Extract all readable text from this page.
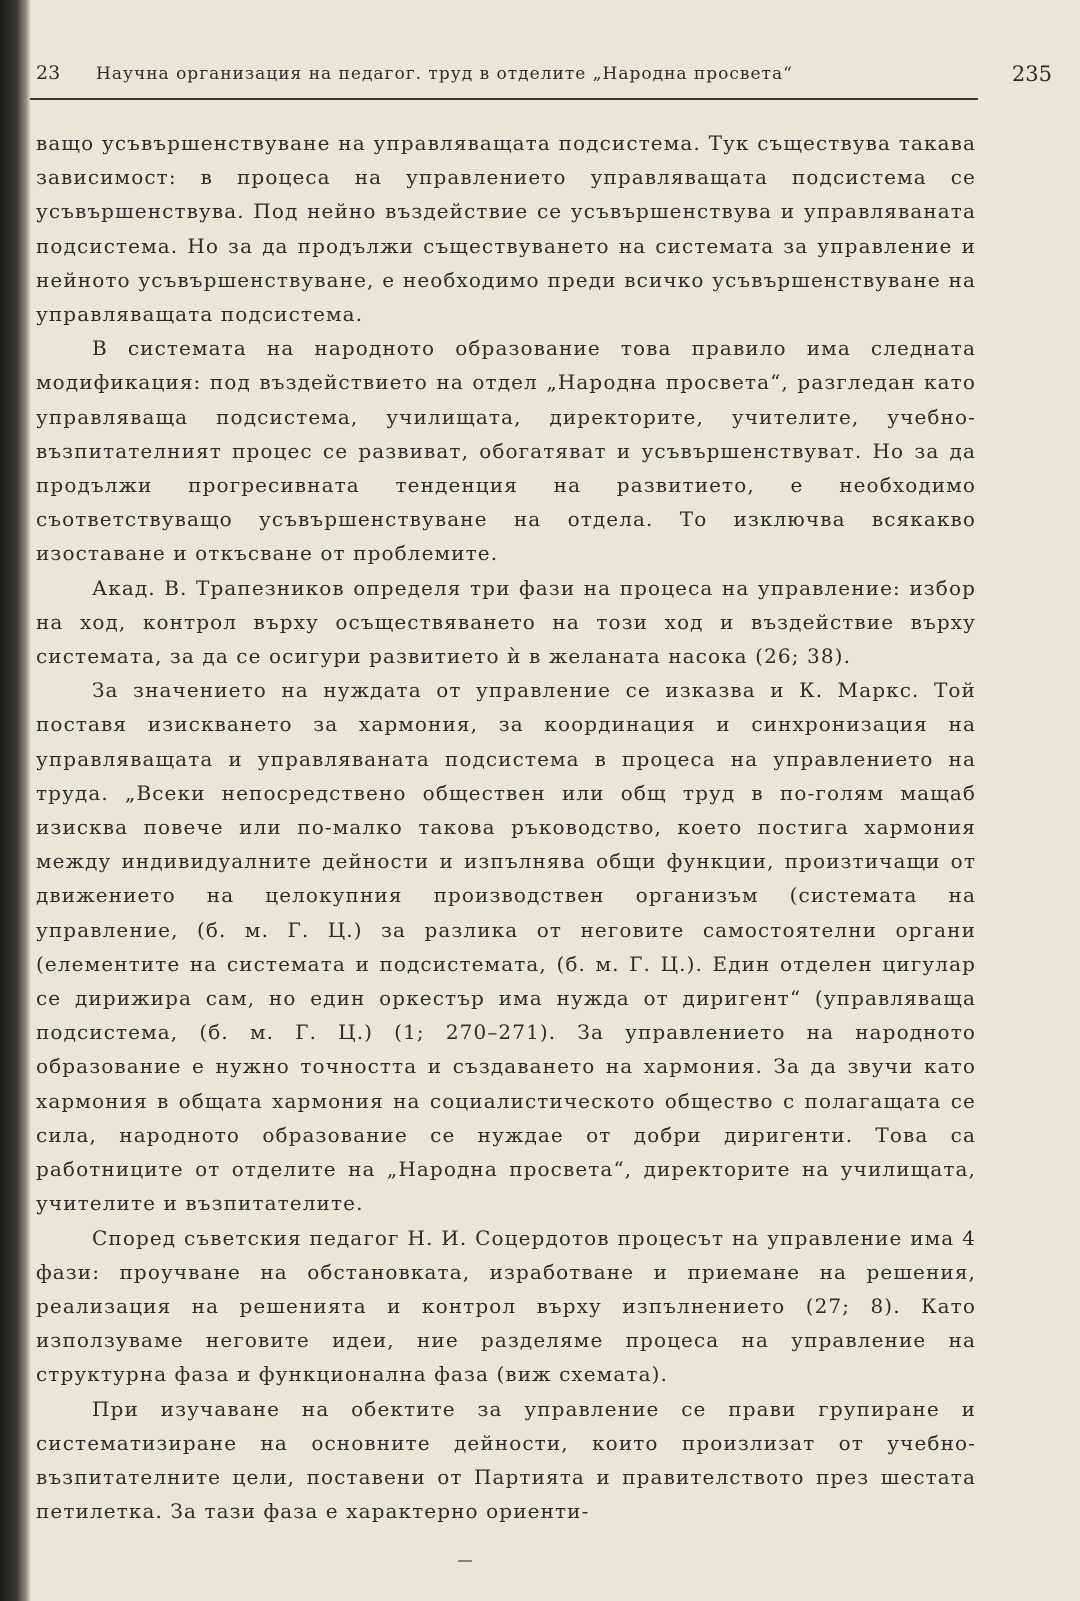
23	Научна организация на педагог. труд в отделите „Народна просвета“	235

ващо усъвършенствуване на управляващата подсистема. Тук съществува такава зависимост: в процеса на управлението управляващата подсистема се усъвършенствува. Под нейно въздействие се усъвършенствува и управляваната подсистема. Но за да продължи съществуването на системата за управление и нейното усъвършенствуване, е необходимо преди всичко усъвършенствуване на управляващата подсистема.

В системата на народното образование това правило има следната модификация: под въздействието на отдел „Народна просвета“, разгледан като управляваща подсистема, училищата, директорите, учителите, учебно-възпитателният процес се развиват, обогатяват и усъвършенствуват. Но за да продължи прогресивната тенденция на развитието, е необходимо съответствуващо усъвършенствуване на отдела. То изключва всякакво изоставане и откъсване от проблемите.

Акад. В. Трапезников определя три фази на процеса на управление: избор на ход, контрол върху осъществяването на този ход и въздействие върху системата, за да се осигури развитието ѝ в желаната насока (26; 38).

За значението на нуждата от управление се изказва и К. Маркс. Той поставя изискването за хармония, за координация и синхронизация на управляващата и управляваната подсистема в процеса на управлението на труда. „Всеки непосредствено обществен или общ труд в по-голям мащаб изисква повече или по-малко такова ръководство, което постига хармония между индивидуалните дейности и изпълнява общи функции, произтичащи от движението на целокупния производствен организъм (системата на управление, (б. м. Г. Ц.) за разлика от неговите самостоятелни органи (елементите на системата и подсистемата, (б. м. Г. Ц.). Един отделен цигулар се дирижира сам, но един оркестър има нужда от диригент“ (управляваща подсистема, (б. м. Г. Ц.) (1; 270–271). За управлението на народното образование е нужно точността и създаването на хармония. За да звучи като хармония в общата хармония на социалистическото общество с полагащата се сила, народното образование се нуждае от добри диригенти. Това са работниците от отделите на „Народна просвета“, директорите на училищата, учителите и възпитателите.

Според съветския педагог Н. И. Соцердотов процесът на управление има 4 фази: проучване на обстановката, изработване и приемане на решения, реализация на решенията и контрол върху изпълнението (27; 8). Като използуваме неговите идеи, ние разделяме процеса на управление на структурна фаза и функционална фаза (виж схемата).

При изучаване на обектите за управление се прави групиране и систематизиране на основните дейности, които произлизат от учебно-възпитателните цели, поставени от Партията и правителството през шестата петилетка. За тази фаза е характерно ориенти-
